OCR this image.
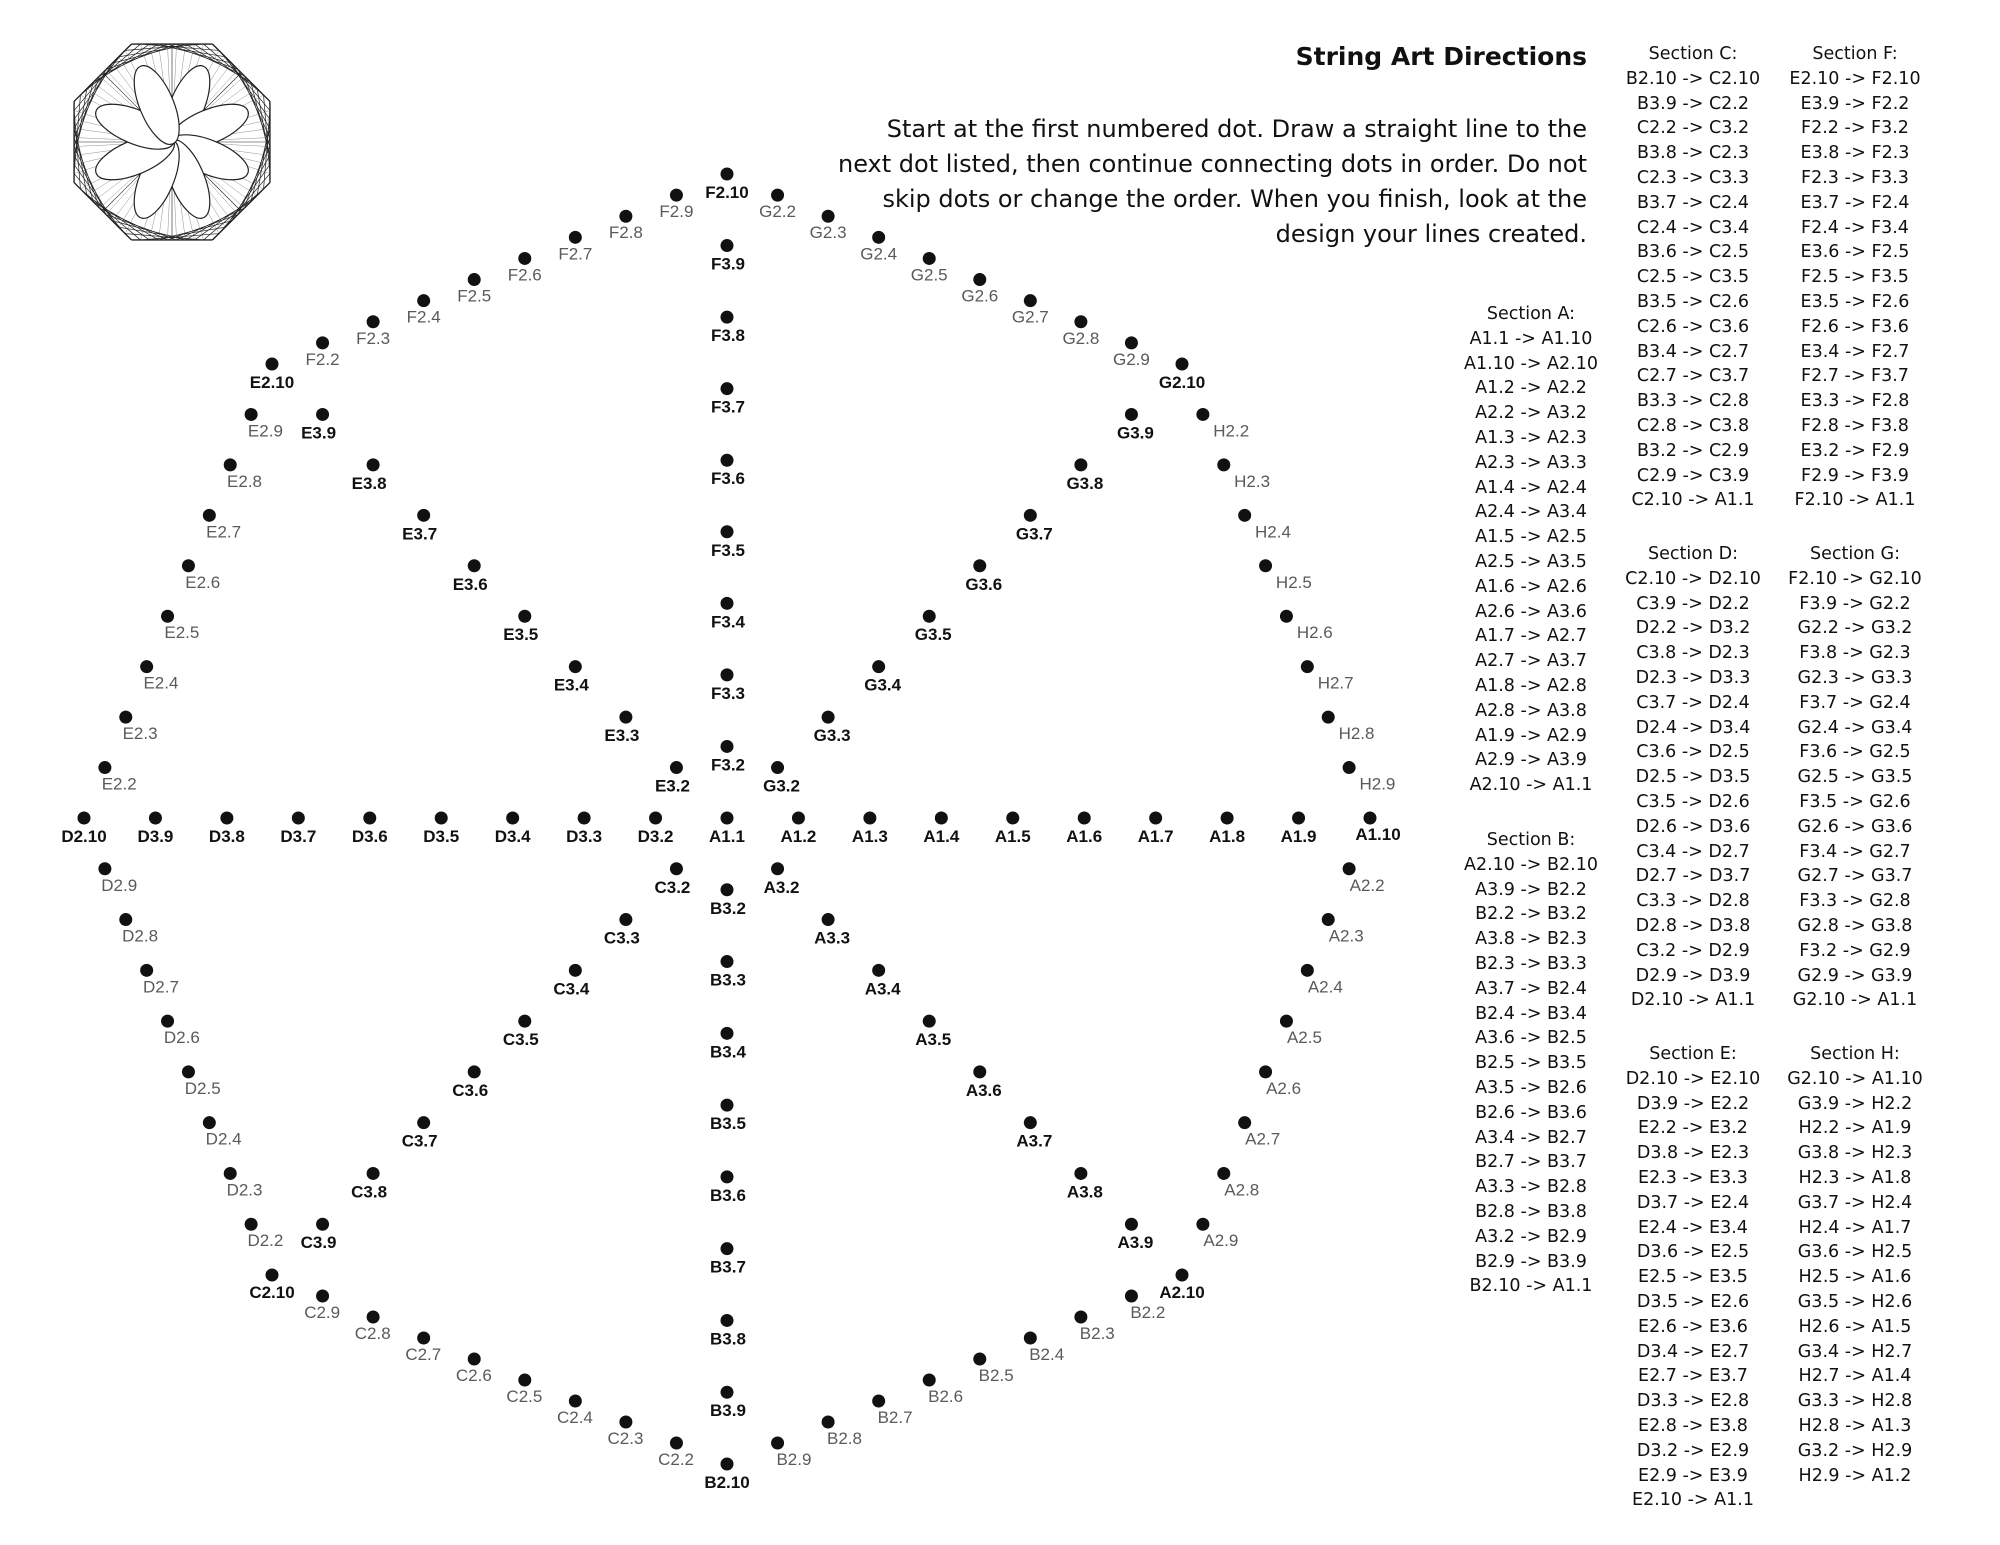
A2.2
A2.3
A2.4
A2.5
A2.6
A2.7
A2.8
A2.9
B2.2
B2.3
B2.4
B2.5
B2.6
B2.7
B2.8
B2.9
C2.2
C2.3
C2.4
C2.5
C2.6
C2.7
C2.8
C2.9
D2.2
D2.3
D2.4
D2.5
D2.6
D2.7
D2.8
D2.9
E2.2
E2.3
E2.4
E2.5
E2.6
E2.7
E2.8
E2.9
F2.2
F2.3
F2.4
F2.5
F2.6
F2.7
F2.8
F2.9	G2.2
G2.3
G2.4
G2.5
G2.6
G2.7
G2.8
G2.9
H2.2
H2.3
H2.4
H2.5
H2.6
H2.7
H2.8
H2.9
A1.10
A2.10
B2.10
C2.10
D2.10
E2.10
F2.10
G2.10
A1.1 A1.2 A1.3 A1.4 A1.5 A1.6 A1.7 A1.8 A1.9
D3.2
D3.3
D3.4
D3.5
D3.6
D3.7
D3.8
D3.9
B3.2
B3.3
B3.4
B3.5
B3.6
B3.7
B3.8
B3.9
F3.2
F3.3
F3.4
F3.5
F3.6
F3.7
F3.8
F3.9
C3.2
C3.3
C3.4
C3.5
C3.6
C3.7
C3.8
C3.9
E3.2
E3.3
E3.4
E3.5
E3.6
E3.7
E3.8
E3.9
G3.2
G3.3
G3.4
G3.5
G3.6
G3.7
G3.8
G3.9
A3.2
A3.3
A3.4
A3.5
A3.6
A3.7
A3.8
A3.9
String Art Directions
Start at the first numbered dot. Draw a straight line to the next dot listed, then continue connecting dots in order. Do not skip dots or change the order. When you finish, look at the design your lines created.
Section A:
A1.1 -> A1.10
A1.10 -> A2.10
A1.2 -> A2.2
A2.2 -> A3.2
A1.3 -> A2.3
A2.3 -> A3.3
A1.4 -> A2.4
A2.4 -> A3.4
A1.5 -> A2.5
A2.5 -> A3.5
A1.6 -> A2.6
A2.6 -> A3.6
A1.7 -> A2.7
A2.7 -> A3.7
A1.8 -> A2.8
A2.8 -> A3.8
A1.9 -> A2.9
A2.9 -> A3.9
A2.10 -> A1.1
Section B:
A2.10 -> B2.10
A3.9 -> B2.2
B2.2 -> B3.2
A3.8 -> B2.3
B2.3 -> B3.3
A3.7 -> B2.4
B2.4 -> B3.4
A3.6 -> B2.5
B2.5 -> B3.5
A3.5 -> B2.6
B2.6 -> B3.6
A3.4 -> B2.7
B2.7 -> B3.7
A3.3 -> B2.8
B2.8 -> B3.8
A3.2 -> B2.9
B2.9 -> B3.9
B2.10 -> A1.1
Section C:
B2.10 -> C2.10
B3.9 -> C2.2
C2.2 -> C3.2
B3.8 -> C2.3
C2.3 -> C3.3
B3.7 -> C2.4
C2.4 -> C3.4
B3.6 -> C2.5
C2.5 -> C3.5
B3.5 -> C2.6
C2.6 -> C3.6
B3.4 -> C2.7
C2.7 -> C3.7
B3.3 -> C2.8
C2.8 -> C3.8
B3.2 -> C2.9
C2.9 -> C3.9
C2.10 -> A1.1
Section D:
C2.10 -> D2.10
C3.9 -> D2.2
D2.2 -> D3.2
C3.8 -> D2.3
D2.3 -> D3.3
C3.7 -> D2.4
D2.4 -> D3.4
C3.6 -> D2.5
D2.5 -> D3.5
C3.5 -> D2.6
D2.6 -> D3.6
C3.4 -> D2.7
D2.7 -> D3.7
C3.3 -> D2.8
D2.8 -> D3.8
C3.2 -> D2.9
D2.9 -> D3.9
D2.10 -> A1.1
Section E:
D2.10 -> E2.10
D3.9 -> E2.2
E2.2 -> E3.2
D3.8 -> E2.3
E2.3 -> E3.3
D3.7 -> E2.4
E2.4 -> E3.4
D3.6 -> E2.5
E2.5 -> E3.5
D3.5 -> E2.6
E2.6 -> E3.6
D3.4 -> E2.7
E2.7 -> E3.7
D3.3 -> E2.8
E2.8 -> E3.8
D3.2 -> E2.9
E2.9 -> E3.9
E2.10 -> A1.1
Section F:
E2.10 -> F2.10
E3.9 -> F2.2
F2.2 -> F3.2
E3.8 -> F2.3
F2.3 -> F3.3
E3.7 -> F2.4
F2.4 -> F3.4
E3.6 -> F2.5
F2.5 -> F3.5
E3.5 -> F2.6
F2.6 -> F3.6
E3.4 -> F2.7
F2.7 -> F3.7
E3.3 -> F2.8
F2.8 -> F3.8
E3.2 -> F2.9
F2.9 -> F3.9
F2.10 -> A1.1
Section G:
F2.10 -> G2.10
F3.9 -> G2.2
G2.2 -> G3.2
F3.8 -> G2.3
G2.3 -> G3.3
F3.7 -> G2.4
G2.4 -> G3.4
F3.6 -> G2.5
G2.5 -> G3.5
F3.5 -> G2.6
G2.6 -> G3.6
F3.4 -> G2.7
G2.7 -> G3.7
F3.3 -> G2.8
G2.8 -> G3.8
F3.2 -> G2.9
G2.9 -> G3.9
G2.10 -> A1.1
Section H:
G2.10 -> A1.10
G3.9 -> H2.2
H2.2 -> A1.9
G3.8 -> H2.3
H2.3 -> A1.8
G3.7 -> H2.4
H2.4 -> A1.7
G3.6 -> H2.5
H2.5 -> A1.6
G3.5 -> H2.6
H2.6 -> A1.5
G3.4 -> H2.7
H2.7 -> A1.4
G3.3 -> H2.8
H2.8 -> A1.3
G3.2 -> H2.9
H2.9 -> A1.2
